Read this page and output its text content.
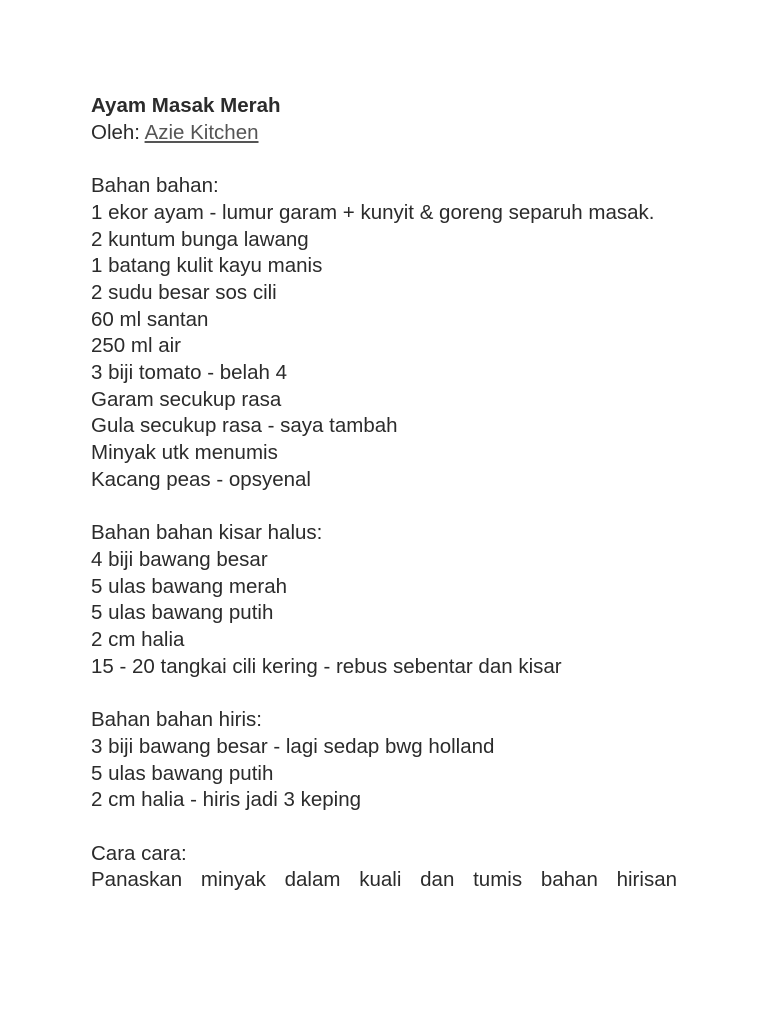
Ayam Masak Merah
Oleh: Azie Kitchen
Bahan bahan:
1 ekor ayam - lumur garam + kunyit & goreng separuh masak.
2 kuntum bunga lawang
1 batang kulit kayu manis
2 sudu besar sos cili
60 ml santan
250 ml air
3 biji tomato - belah 4
Garam secukup rasa
Gula secukup rasa - saya tambah
Minyak utk menumis
Kacang peas - opsyenal
Bahan bahan kisar halus:
4 biji bawang besar
5 ulas bawang merah
5 ulas bawang putih
2 cm halia
15 - 20 tangkai cili kering - rebus sebentar dan kisar
Bahan bahan hiris:
3 biji bawang besar - lagi sedap bwg holland
5 ulas bawang putih
2 cm halia - hiris jadi 3 keping
Cara cara:
Panaskan minyak dalam kuali dan tumis bahan hirisan
